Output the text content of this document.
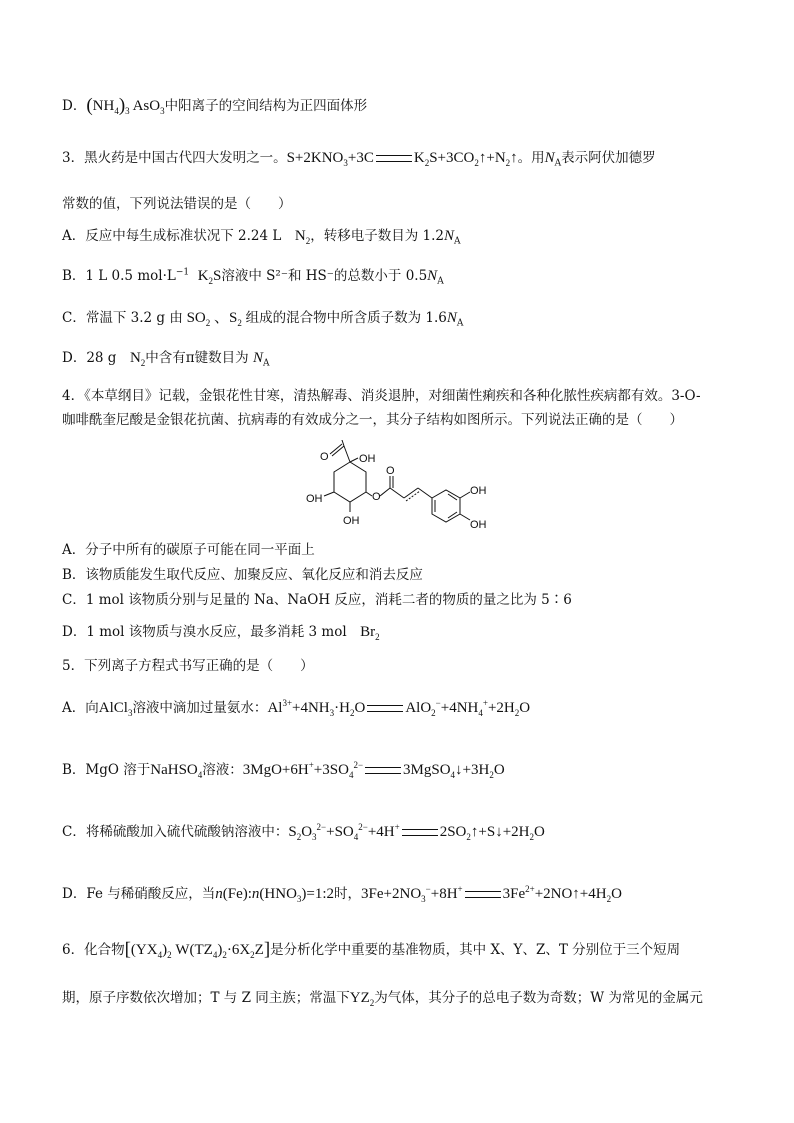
D．$(NH_4)_3$ AsO$_3$中阳离子的空间结构为正四面体形
3．黑火药是中国古代四大发明之一。$S+2KNO_3+3C$	$K_2S+3CO_2↑+N_2↑$。用$N_A$表示阿伏加德罗
常数的值，下列说法错误的是（　　）
A．反应中每生成标准状况下 2.24 L　$N_2$，转移电子数目为 $1.2N_A$
B．1 L 0.5 $mol\cdot L^{-1}$ $K_2S$溶液中 S²⁻和 HS⁻的总数小于 $0.5N_A$
C．常温下 3.2 g 由 $SO_2$ 、$S_2$ 组成的混合物中所含质子数为 $1.6N_A$
D．28 g　$N_2$中含有π键数目为 $N_A$
4．《本草纲目》记载，金银花性甘寒，清热解毒、消炎退肿，对细菌性痢疾和各种化脓性疾病都有效。3-O-
咖啡酰奎尼酸是金银花抗菌、抗病毒的有效成分之一，其分子结构如图所示。下列说法正确的是（　　）
O	OH
OH
OH
O
O
OH
OH
A．分子中所有的碳原子可能在同一平面上
B．该物质能发生取代反应、加聚反应、氧化反应和消去反应
C．1 mol 该物质分别与足量的 Na、NaOH 反应，消耗二者的物质的量之比为 5∶6
D．1 mol 该物质与溴水反应，最多消耗 3 mol　$Br_2$
5．下列离子方程式书写正确的是（　　）
A．向AlCl$_3$溶液中滴加过量氨水：$Al^{3+}+4NH_3\cdot H_2O$	$AlO_2^-+4NH_4^++2H_2O$
B．MgO 溶于NaHSO$_4$溶液：$3MgO+6H^++3SO_4^{2-}$	$3MgSO_4↓+3H_2O$
C．将稀硫酸加入硫代硫酸钠溶液中：$S_2O_3^{2-}+SO_4^{2-}+4H^+$	$2SO_2↑+S↓+2H_2O$
D．Fe 与稀硝酸反应，当$n(Fe):n(HNO_3)=1:2$时，$3Fe+2NO_3^-+8H^+$	$3Fe^{2+}+2NO↑+4H_2O$
6．化合物[$(YX_4)_2$ $W(TZ_4)_2\cdot 6X_2Z$]是分析化学中重要的基准物质，其中 X、Y、Z、T 分别位于三个短周
期，原子序数依次增加；T 与 Z 同主族；常温下$YZ_2$为气体，其分子的总电子数为奇数；W 为常见的金属元
